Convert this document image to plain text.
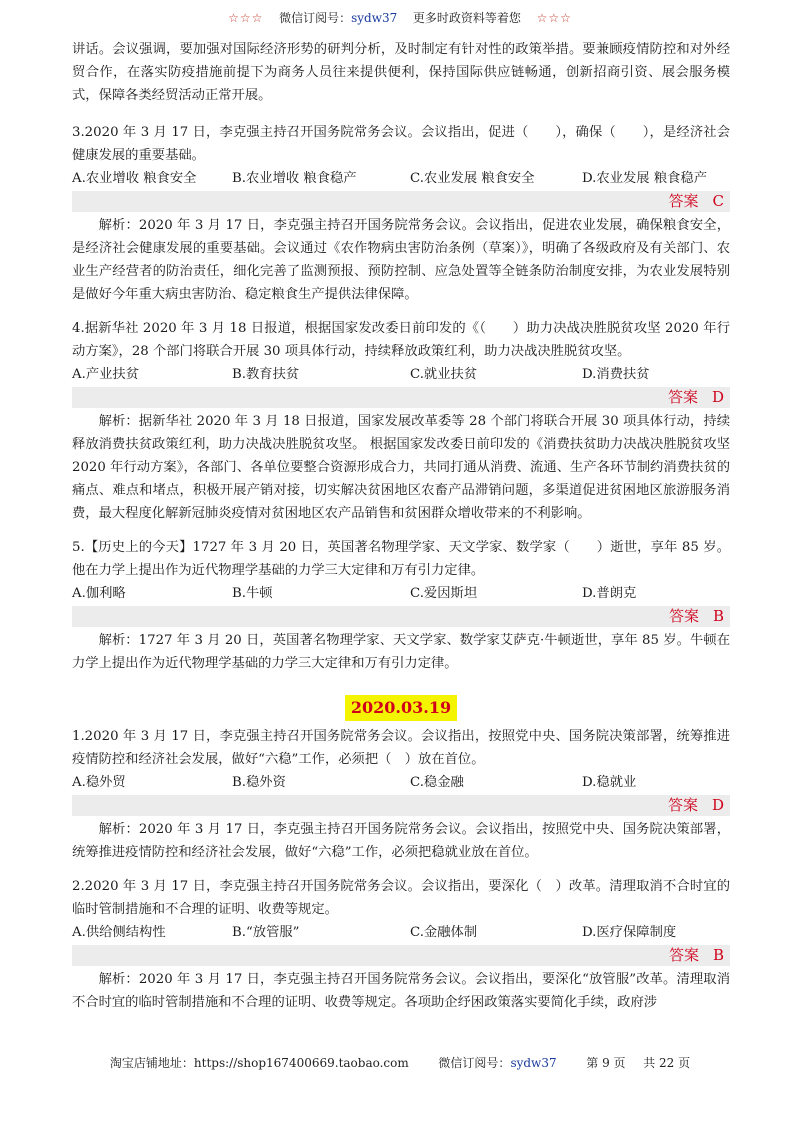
☆☆☆ 微信订阅号：sydw37 更多时政资料等着您 ☆☆☆

讲话。会议强调，要加强对国际经济形势的研判分析，及时制定有针对性的政策举措。要兼顾疫情防控和对外经贸合作，在落实防疫措施前提下为商务人员往来提供便利，保持国际供应链畅通，创新招商引资、展会服务模式，保障各类经贸活动正常开展。

3.2020 年 3 月 17 日，李克强主持召开国务院常务会议。会议指出，促进（　　），确保（　　），是经济社会健康发展的重要基础。

A.农业增收 粮食安全	B.农业增收 粮食稳产	C.农业发展 粮食安全	D.农业发展 粮食稳产
答案 C

解析：2020 年 3 月 17 日，李克强主持召开国务院常务会议。会议指出，促进农业发展，确保粮食安全，是经济社会健康发展的重要基础。会议通过《农作物病虫害防治条例（草案）》，明确了各级政府及有关部门、农业生产经营者的防治责任，细化完善了监测预报、预防控制、应急处置等全链条防治制度安排，为农业发展特别是做好今年重大病虫害防治、稳定粮食生产提供法律保障。

4.据新华社 2020 年 3 月 18 日报道，根据国家发改委日前印发的《（　　）助力决战决胜脱贫攻坚 2020 年行动方案》，28 个部门将联合开展 30 项具体行动，持续释放政策红利，助力决战决胜脱贫攻坚。

A.产业扶贫	B.教育扶贫	C.就业扶贫	D.消费扶贫
答案 D

解析：据新华社 2020 年 3 月 18 日报道，国家发展改革委等 28 个部门将联合开展 30 项具体行动，持续释放消费扶贫政策红利，助力决战决胜脱贫攻坚。 根据国家发改委日前印发的《消费扶贫助力决战决胜脱贫攻坚 2020 年行动方案》，各部门、各单位要整合资源形成合力，共同打通从消费、流通、生产各环节制约消费扶贫的痛点、难点和堵点，积极开展产销对接，切实解决贫困地区农畜产品滞销问题，多渠道促进贫困地区旅游服务消费，最大程度化解新冠肺炎疫情对贫困地区农产品销售和贫困群众增收带来的不利影响。

5.【历史上的今天】1727 年 3 月 20 日，英国著名物理学家、天文学家、数学家（　　）逝世，享年 85 岁。他在力学上提出作为近代物理学基础的力学三大定律和万有引力定律。

A.伽利略	B.牛顿	C.爱因斯坦	D.普朗克
答案 B

解析：1727 年 3 月 20 日，英国著名物理学家、天文学家、数学家艾萨克·牛顿逝世，享年 85 岁。牛顿在力学上提出作为近代物理学基础的力学三大定律和万有引力定律。

2020.03.19

1.2020 年 3 月 17 日，李克强主持召开国务院常务会议。会议指出，按照党中央、国务院决策部署，统筹推进疫情防控和经济社会发展，做好“六稳”工作，必须把（　）放在首位。

A.稳外贸	B.稳外资	C.稳金融	D.稳就业
答案 D

解析：2020 年 3 月 17 日，李克强主持召开国务院常务会议。会议指出，按照党中央、国务院决策部署，统筹推进疫情防控和经济社会发展，做好“六稳”工作，必须把稳就业放在首位。

2.2020 年 3 月 17 日，李克强主持召开国务院常务会议。会议指出，要深化（　）改革。清理取消不合时宜的临时管制措施和不合理的证明、收费等规定。

A.供给侧结构性	B.“放管服”	C.金融体制	D.医疗保障制度
答案 B

解析：2020 年 3 月 17 日，李克强主持召开国务院常务会议。会议指出，要深化“放管服”改革。清理取消不合时宜的临时管制措施和不合理的证明、收费等规定。各项助企纾困政策落实要简化手续，政府涉

淘宝店铺地址：https://shop167400669.taobao.com 微信订阅号：sydw37 第 9 页 共 22 页
